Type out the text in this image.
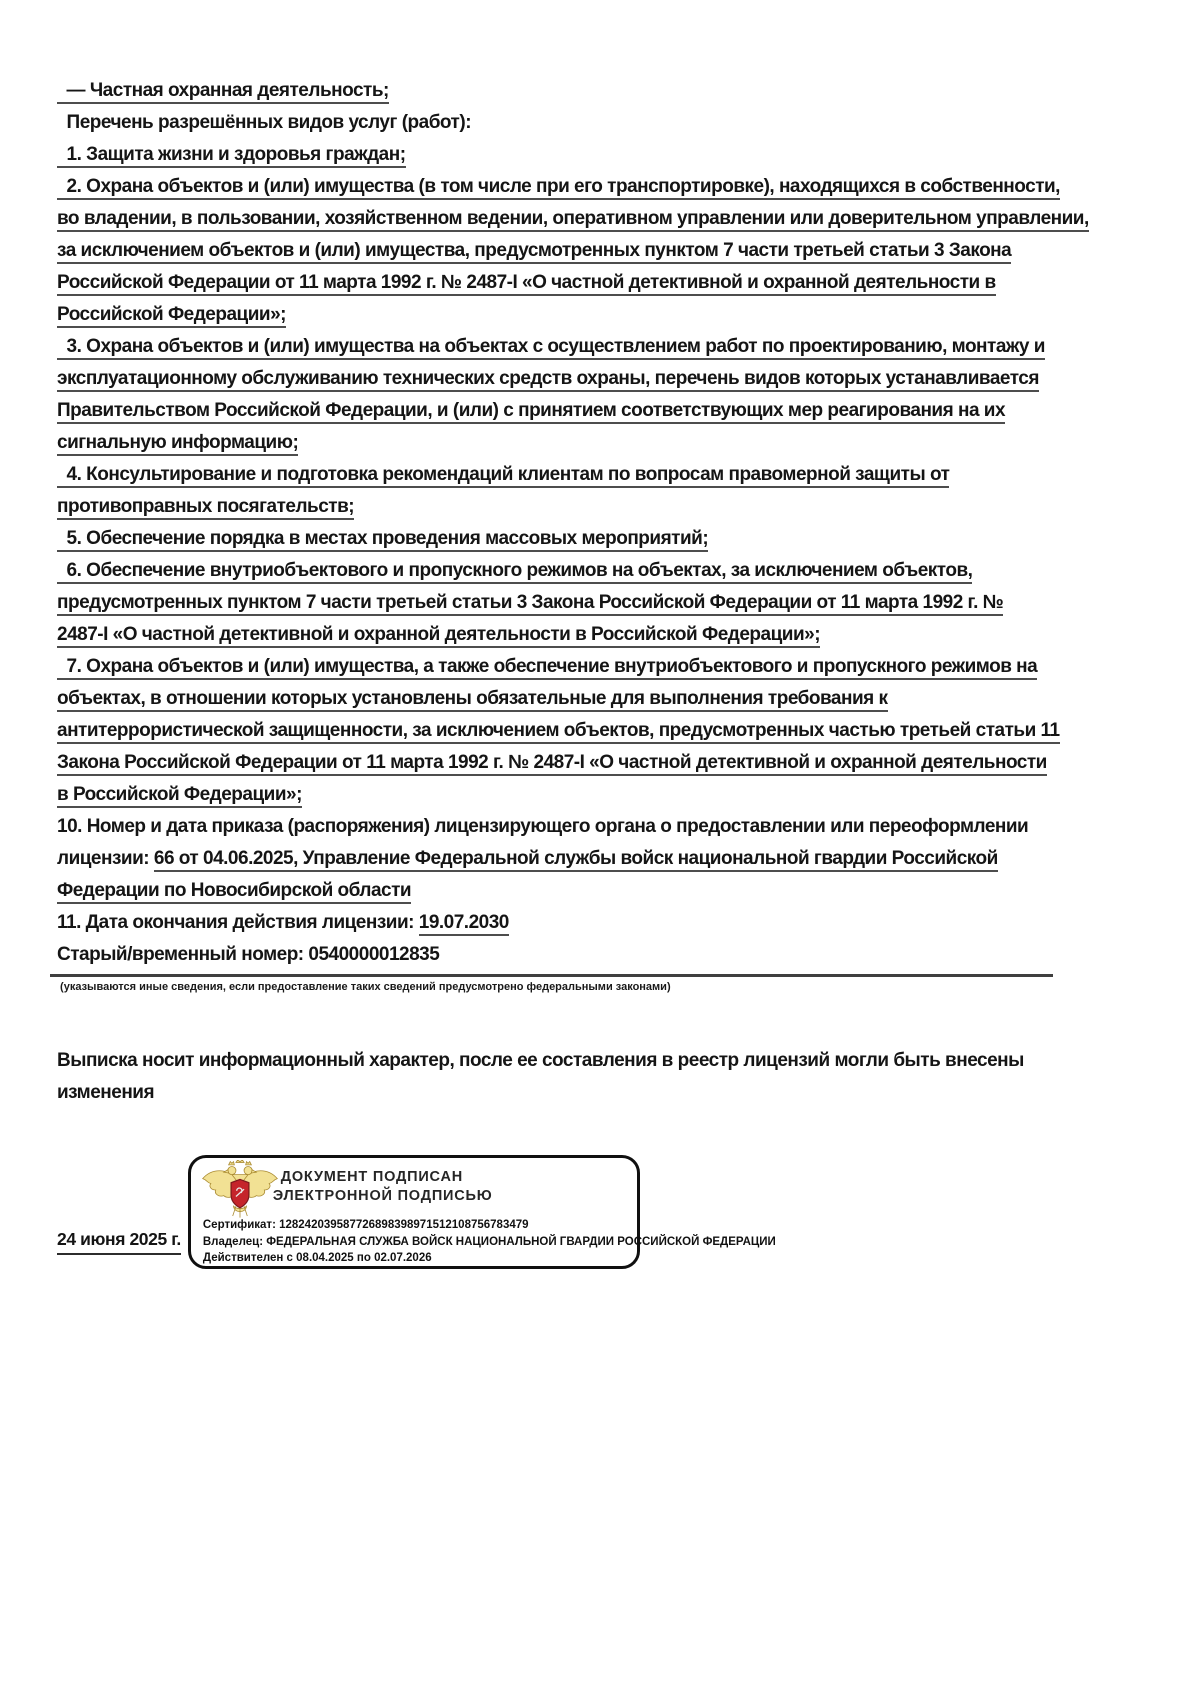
— Частная охранная деятельность;
Перечень разрешённых видов услуг (работ):
1. Защита жизни и здоровья граждан;
2. Охрана объектов и (или) имущества (в том числе при его транспортировке), находящихся в собственности,
во владении, в пользовании, хозяйственном ведении, оперативном управлении или доверительном управлении,
за исключением объектов и (или) имущества, предусмотренных пунктом 7 части третьей статьи 3 Закона
Российской Федерации от 11 марта 1992 г. № 2487-I «О частной детективной и охранной деятельности в
Российской Федерации»;
3. Охрана объектов и (или) имущества на объектах с осуществлением работ по проектированию, монтажу и
эксплуатационному обслуживанию технических средств охраны, перечень видов которых устанавливается
Правительством Российской Федерации, и (или) с принятием соответствующих мер реагирования на их
сигнальную информацию;
4. Консультирование и подготовка рекомендаций клиентам по вопросам правомерной защиты от
противоправных посягательств;
5. Обеспечение порядка в местах проведения массовых мероприятий;
6. Обеспечение внутриобъектового и пропускного режимов на объектах, за исключением объектов,
предусмотренных пунктом 7 части третьей статьи 3 Закона Российской Федерации от 11 марта 1992 г. №
2487-I «О частной детективной и охранной деятельности в Российской Федерации»;
7. Охрана объектов и (или) имущества, а также обеспечение внутриобъектового и пропускного режимов на
объектах, в отношении которых установлены обязательные для выполнения требования к
антитеррористической защищенности, за исключением объектов, предусмотренных частью третьей статьи 11
Закона Российской Федерации от 11 марта 1992 г. № 2487-I «О частной детективной и охранной деятельности
в Российской Федерации»;
10. Номер и дата приказа (распоряжения) лицензирующего органа о предоставлении или переоформлении
лицензии: 66 от 04.06.2025, Управление Федеральной службы войск национальной гвардии Российской
Федерации по Новосибирской области
11. Дата окончания действия лицензии: 19.07.2030
Старый/временный номер: 0540000012835
(указываются иные сведения, если предоставление таких сведений предусмотрено федеральными законами)
Выписка носит информационный характер, после ее составления в реестр лицензий могли быть внесены
изменения
24 июня 2025 г.
ДОКУМЕНТ ПОДПИСАН
ЭЛЕКТРОННОЙ ПОДПИСЬЮ
Сертификат: 128242039587726898398971512108756783479
Владелец: ФЕДЕРАЛЬНАЯ СЛУЖБА ВОЙСК НАЦИОНАЛЬНОЙ ГВАРДИИ РОССИЙСКОЙ ФЕДЕРАЦИИ
Действителен с 08.04.2025 по 02.07.2026
